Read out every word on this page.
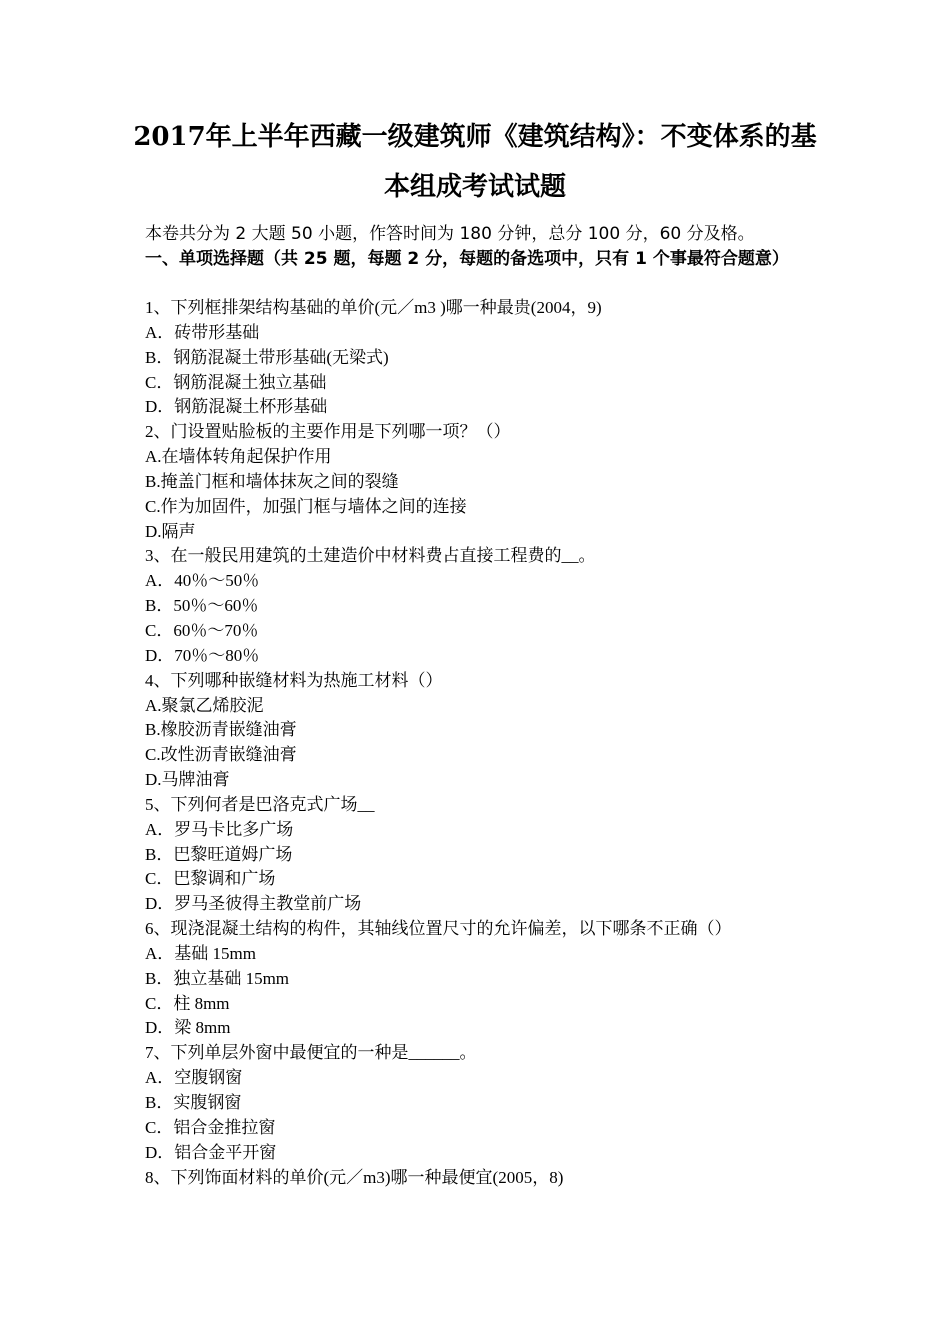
2017年上半年西藏一级建筑师《建筑结构》：不变体系的基
本组成考试试题
本卷共分为 2 大题 50 小题，作答时间为 180 分钟，总分 100 分，60 分及格。
一、单项选择题（共 25 题，每题 2 分，每题的备选项中，只有 1 个事最符合题意）
1、下列框排架结构基础的单价(元／m3 )哪一种最贵(2004，9)
A．砖带形基础
B．钢筋混凝土带形基础(无梁式)
C．钢筋混凝土独立基础
D．钢筋混凝土杯形基础
2、门设置贴脸板的主要作用是下列哪一项？（）
A.在墙体转角起保护作用
B.掩盖门框和墙体抹灰之间的裂缝
C.作为加固件，加强门框与墙体之间的连接
D.隔声
3、在一般民用建筑的土建造价中材料费占直接工程费的__。
A．40％～50％
B．50％～60％
C．60％～70％
D．70％～80％
4、下列哪种嵌缝材料为热施工材料（）
A.聚氯乙烯胶泥
B.橡胶沥青嵌缝油膏
C.改性沥青嵌缝油膏
D.马牌油膏
5、下列何者是巴洛克式广场__
A．罗马卡比多广场
B．巴黎旺道姆广场
C．巴黎调和广场
D．罗马圣彼得主教堂前广场
6、现浇混凝土结构的构件，其轴线位置尺寸的允许偏差，以下哪条不正确（）
A．基础 15mm
B．独立基础 15mm
C．柱 8mm
D．梁 8mm
7、下列单层外窗中最便宜的一种是______。
A．空腹钢窗
B．实腹钢窗
C．铝合金推拉窗
D．铝合金平开窗
8、下列饰面材料的单价(元／m3)哪一种最便宜(2005，8)
